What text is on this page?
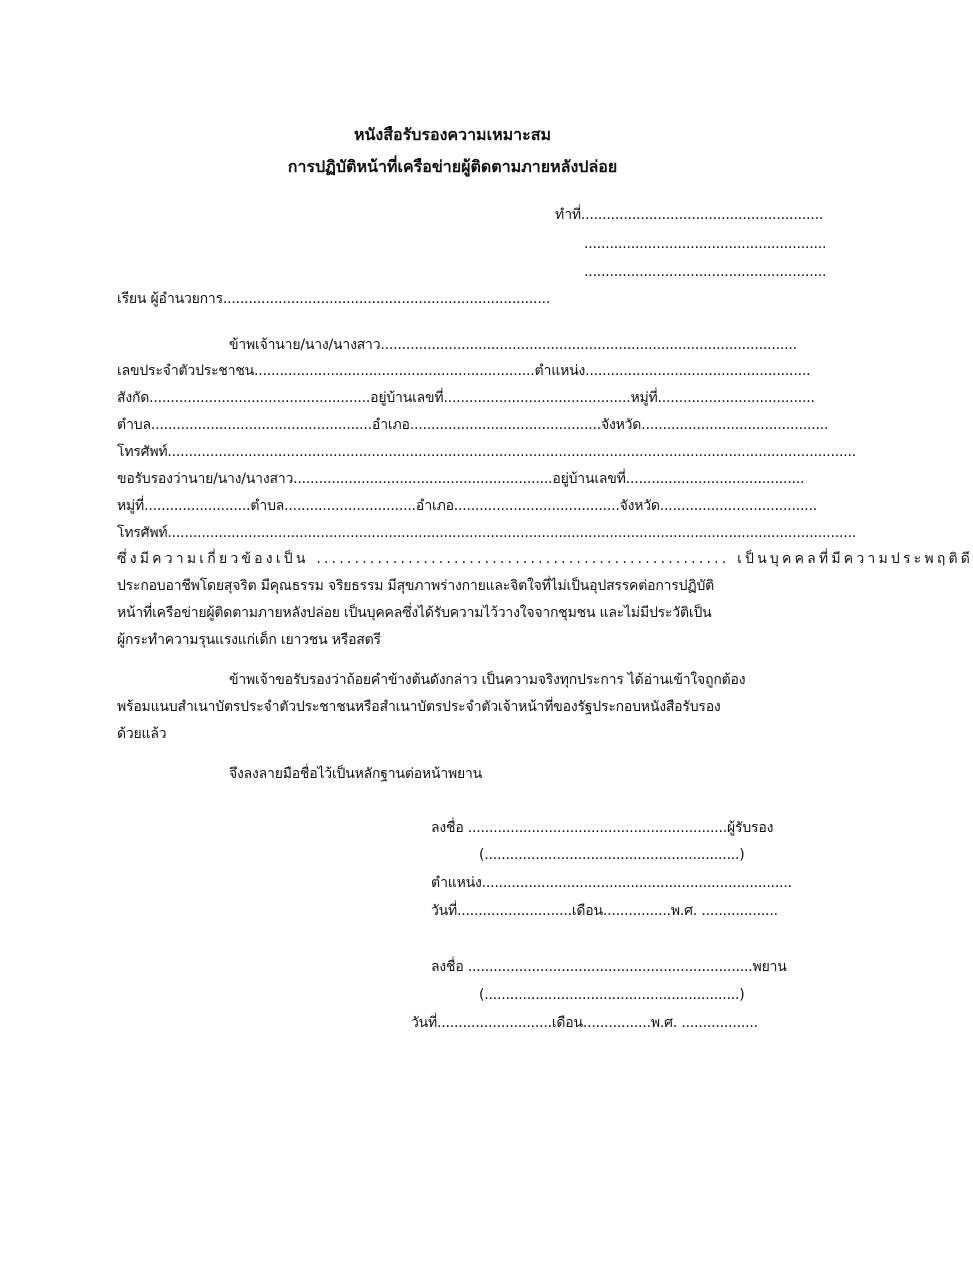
หนังสือรับรองความเหมาะสม
การปฏิบัติหน้าที่เครือข่ายผู้ติดตามภายหลังปล่อย
ทำที่.........................................................
.........................................................
.........................................................
เรียน ผู้อำนวยการ.............................................................................
ข้าพเจ้านาย/นาง/นางสาว..................................................................................................
เลขประจำตัวประชาชน..................................................................ตำแหน่ง.....................................................
สังกัด....................................................อยู่บ้านเลขที่............................................หมู่ที่.....................................
ตำบล....................................................อำเภอ.............................................จังหวัด............................................
โทรศัพท์..................................................................................................................................................................
ขอรับรองว่านาย/นาง/นางสาว.............................................................อยู่บ้านเลขที่..........................................
หมู่ที่.........................ตำบล...............................อำเภอ.......................................จังหวัด.....................................
โทรศัพท์..................................................................................................................................................................
ซึ่งมีความเกี่ยวข้องเป็น ...................................................... เป็นบุคคลที่มีความประพฤติดี
ประกอบอาชีพโดยสุจริต มีคุณธรรม จริยธรรม มีสุขภาพร่างกายและจิตใจที่ไม่เป็นอุปสรรคต่อการปฏิบัติ
หน้าที่เครือข่ายผู้ติดตามภายหลังปล่อย เป็นบุคคลซึ่งได้รับความไว้วางใจจากชุมชน และไม่มีประวัติเป็น
ผู้กระทำความรุนแรงแก่เด็ก เยาวชน หรือสตรี
ข้าพเจ้าขอรับรองว่าถ้อยคำข้างต้นดังกล่าว เป็นความจริงทุกประการ ได้อ่านเข้าใจถูกต้อง
พร้อมแนบสำเนาบัตรประจำตัวประชาชนหรือสำเนาบัตรประจำตัวเจ้าหน้าที่ของรัฐประกอบหนังสือรับรอง
ด้วยแล้ว
จึงลงลายมือชื่อไว้เป็นหลักฐานต่อหน้าพยาน
ลงชื่อ .............................................................ผู้รับรอง
(............................................................)
ตำแหน่ง.........................................................................
วันที่...........................เดือน................พ.ศ. ..................
ลงชื่อ ...................................................................พยาน
(............................................................)
วันที่...........................เดือน................พ.ศ. ..................
